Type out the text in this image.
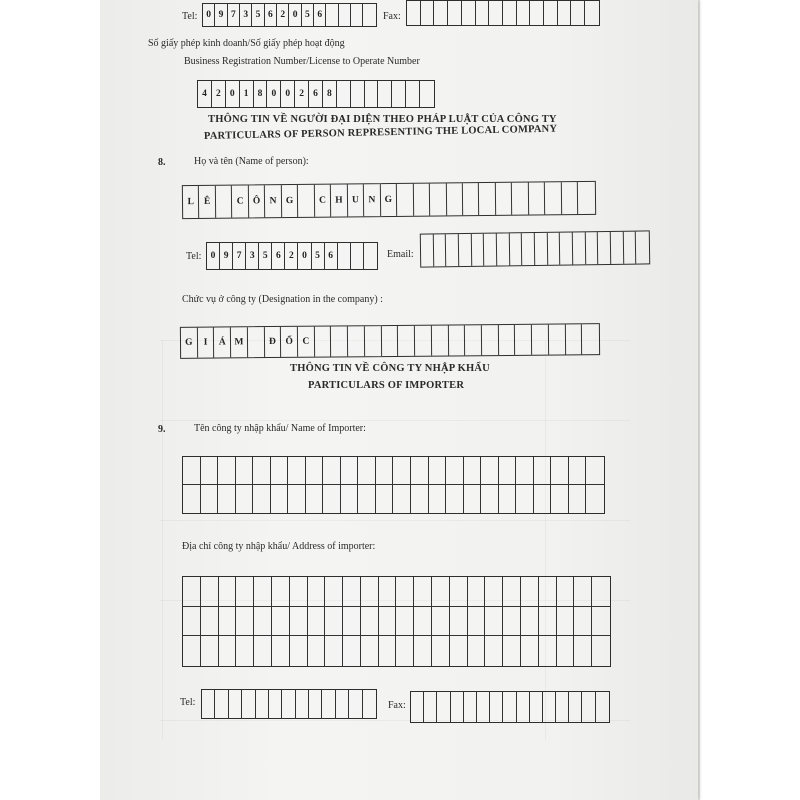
Tel: 0 9 7 3 5 6 2 0 5 6	Fax:
Số giấy phép kinh doanh/Số giấy phép hoạt động
Business Registration Number/License to Operate Number
4 2 0 1 8 0 0 2 6 8
THÔNG TIN VỀ NGƯỜI ĐẠI DIỆN THEO PHÁP LUẬT CỦA CÔNG TY
PARTICULARS OF PERSON REPRESENTING THE LOCAL COMPANY
8.	Họ và tên (Name of person):
L	Ê	C Ô N G	C H U N G
Tel: 0 9 7 3 5 6 2 0 5 6	Email:
Chức vụ ở công ty (Designation in the company) :
G	I	Á M	Đ Ố	C
THÔNG TIN VỀ CÔNG TY NHẬP KHẨU
PARTICULARS OF IMPORTER
9.	Tên công ty nhập khẩu/ Name of Importer:
Địa chỉ công ty nhập khẩu/ Address of importer:
Tel:	Fax:
